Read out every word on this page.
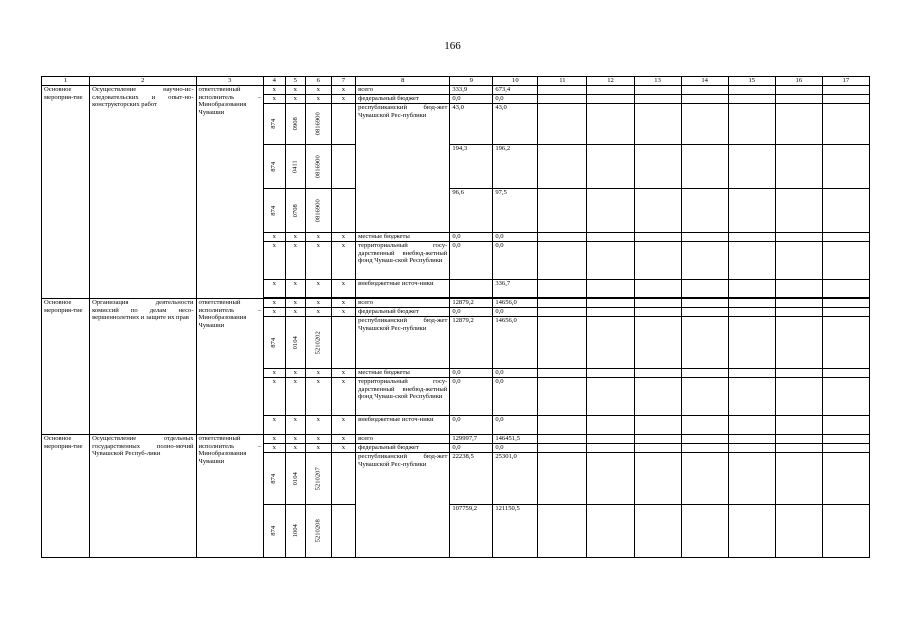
166
1	2	3	4	5	6	7	8	9	10	11	12	13	14	15	16	17
Основное мероприя-тие	Осуществление научно-ис-следовательских и опыт-но-конструкторских работ	ответственный исполнитель – Минобразования Чувашии	x	x	x	x	всего	333,9	673,4							
			x	x	x	x	федеральный бюджет	0,0	0,0							
			874	0908	0816900		республиканский бюд-жет Чувашской Рес-публики	43,0	43,0							
			874	0411	0816900			194,3	196,2							
			874	0708	0816900			96,6	97,5							
			x	x	x	x	местные бюджеты	0,0	0,0							
			x	x	x	x	территориальный госу-дарственный внебюд-жетный фонд Чуваш-ской Республики	0,0	0,0							
			x	x	x	x	внебюджетные источ-ники		336,7							

Основное мероприя-тие	Организация деятельности комиссий по делам несо-вершеннолетних и защите их прав	ответственный исполнитель – Минобразования Чувашии	x	x	x	x	всего	12879,2	14656,0							
			x	x	x	x	федеральный бюджет	0,0	0,0							
			874	0104	5210202		республиканский бюд-жет Чувашской Рес-публики	12879,2	14656,0							
			x	x	x	x	местные бюджеты	0,0	0,0							
			x	x	x	x	территориальный госу-дарственный внебюд-жетный фонд Чуваш-ской Республики	0,0	0,0							
			x	x	x	x	внебюджетные источ-ники	0,0	0,0							
Основное мероприя-тие	Осуществление отдельных государственных полно-мочий Чувашской Респуб-лики	ответственный исполнитель – Минобразования Чувашии	x	x	x	x	всего	129997,7	146451,5							
			x	x	x	x	федеральный бюджет	0,0	0,0							
			874	0104	5210207		республиканский бюд-жет Чувашской Рес-публики	22238,5	25301,0							
			874	1004	5210208			107759,2	121150,5							
